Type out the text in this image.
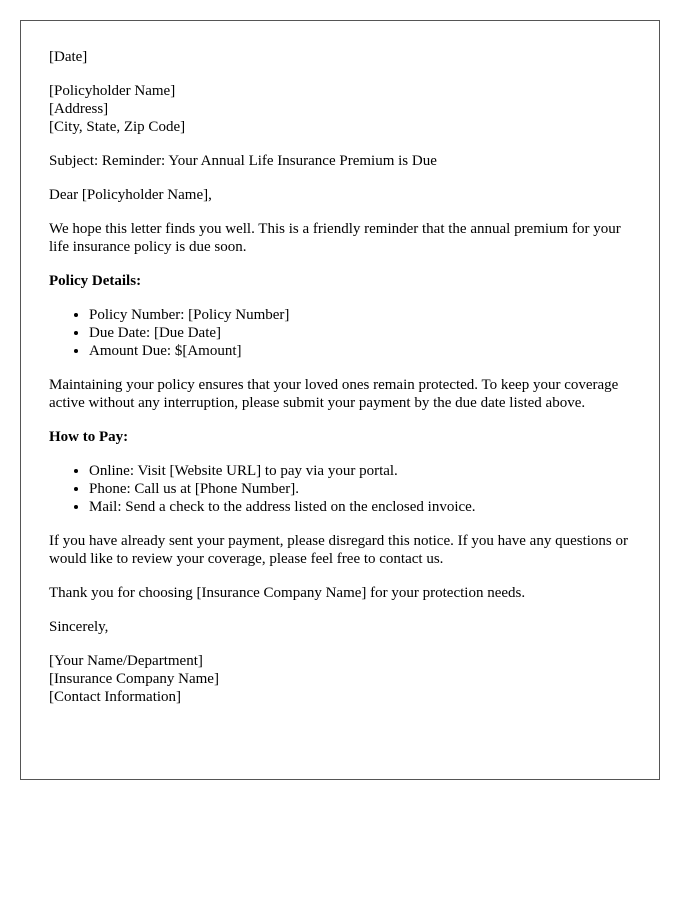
[Date]

[Policyholder Name]
[Address]
[City, State, Zip Code]

Subject: Reminder: Your Annual Life Insurance Premium is Due

Dear [Policyholder Name],

We hope this letter finds you well. This is a friendly reminder that the annual premium for your life insurance policy is due soon.

Policy Details:

• Policy Number: [Policy Number]
• Due Date: [Due Date]
• Amount Due: $[Amount]

Maintaining your policy ensures that your loved ones remain protected. To keep your coverage active without any interruption, please submit your payment by the due date listed above.

How to Pay:

• Online: Visit [Website URL] to pay via your portal.
• Phone: Call us at [Phone Number].
• Mail: Send a check to the address listed on the enclosed invoice.

If you have already sent your payment, please disregard this notice. If you have any questions or would like to review your coverage, please feel free to contact us.

Thank you for choosing [Insurance Company Name] for your protection needs.

Sincerely,

[Your Name/Department]
[Insurance Company Name]
[Contact Information]
